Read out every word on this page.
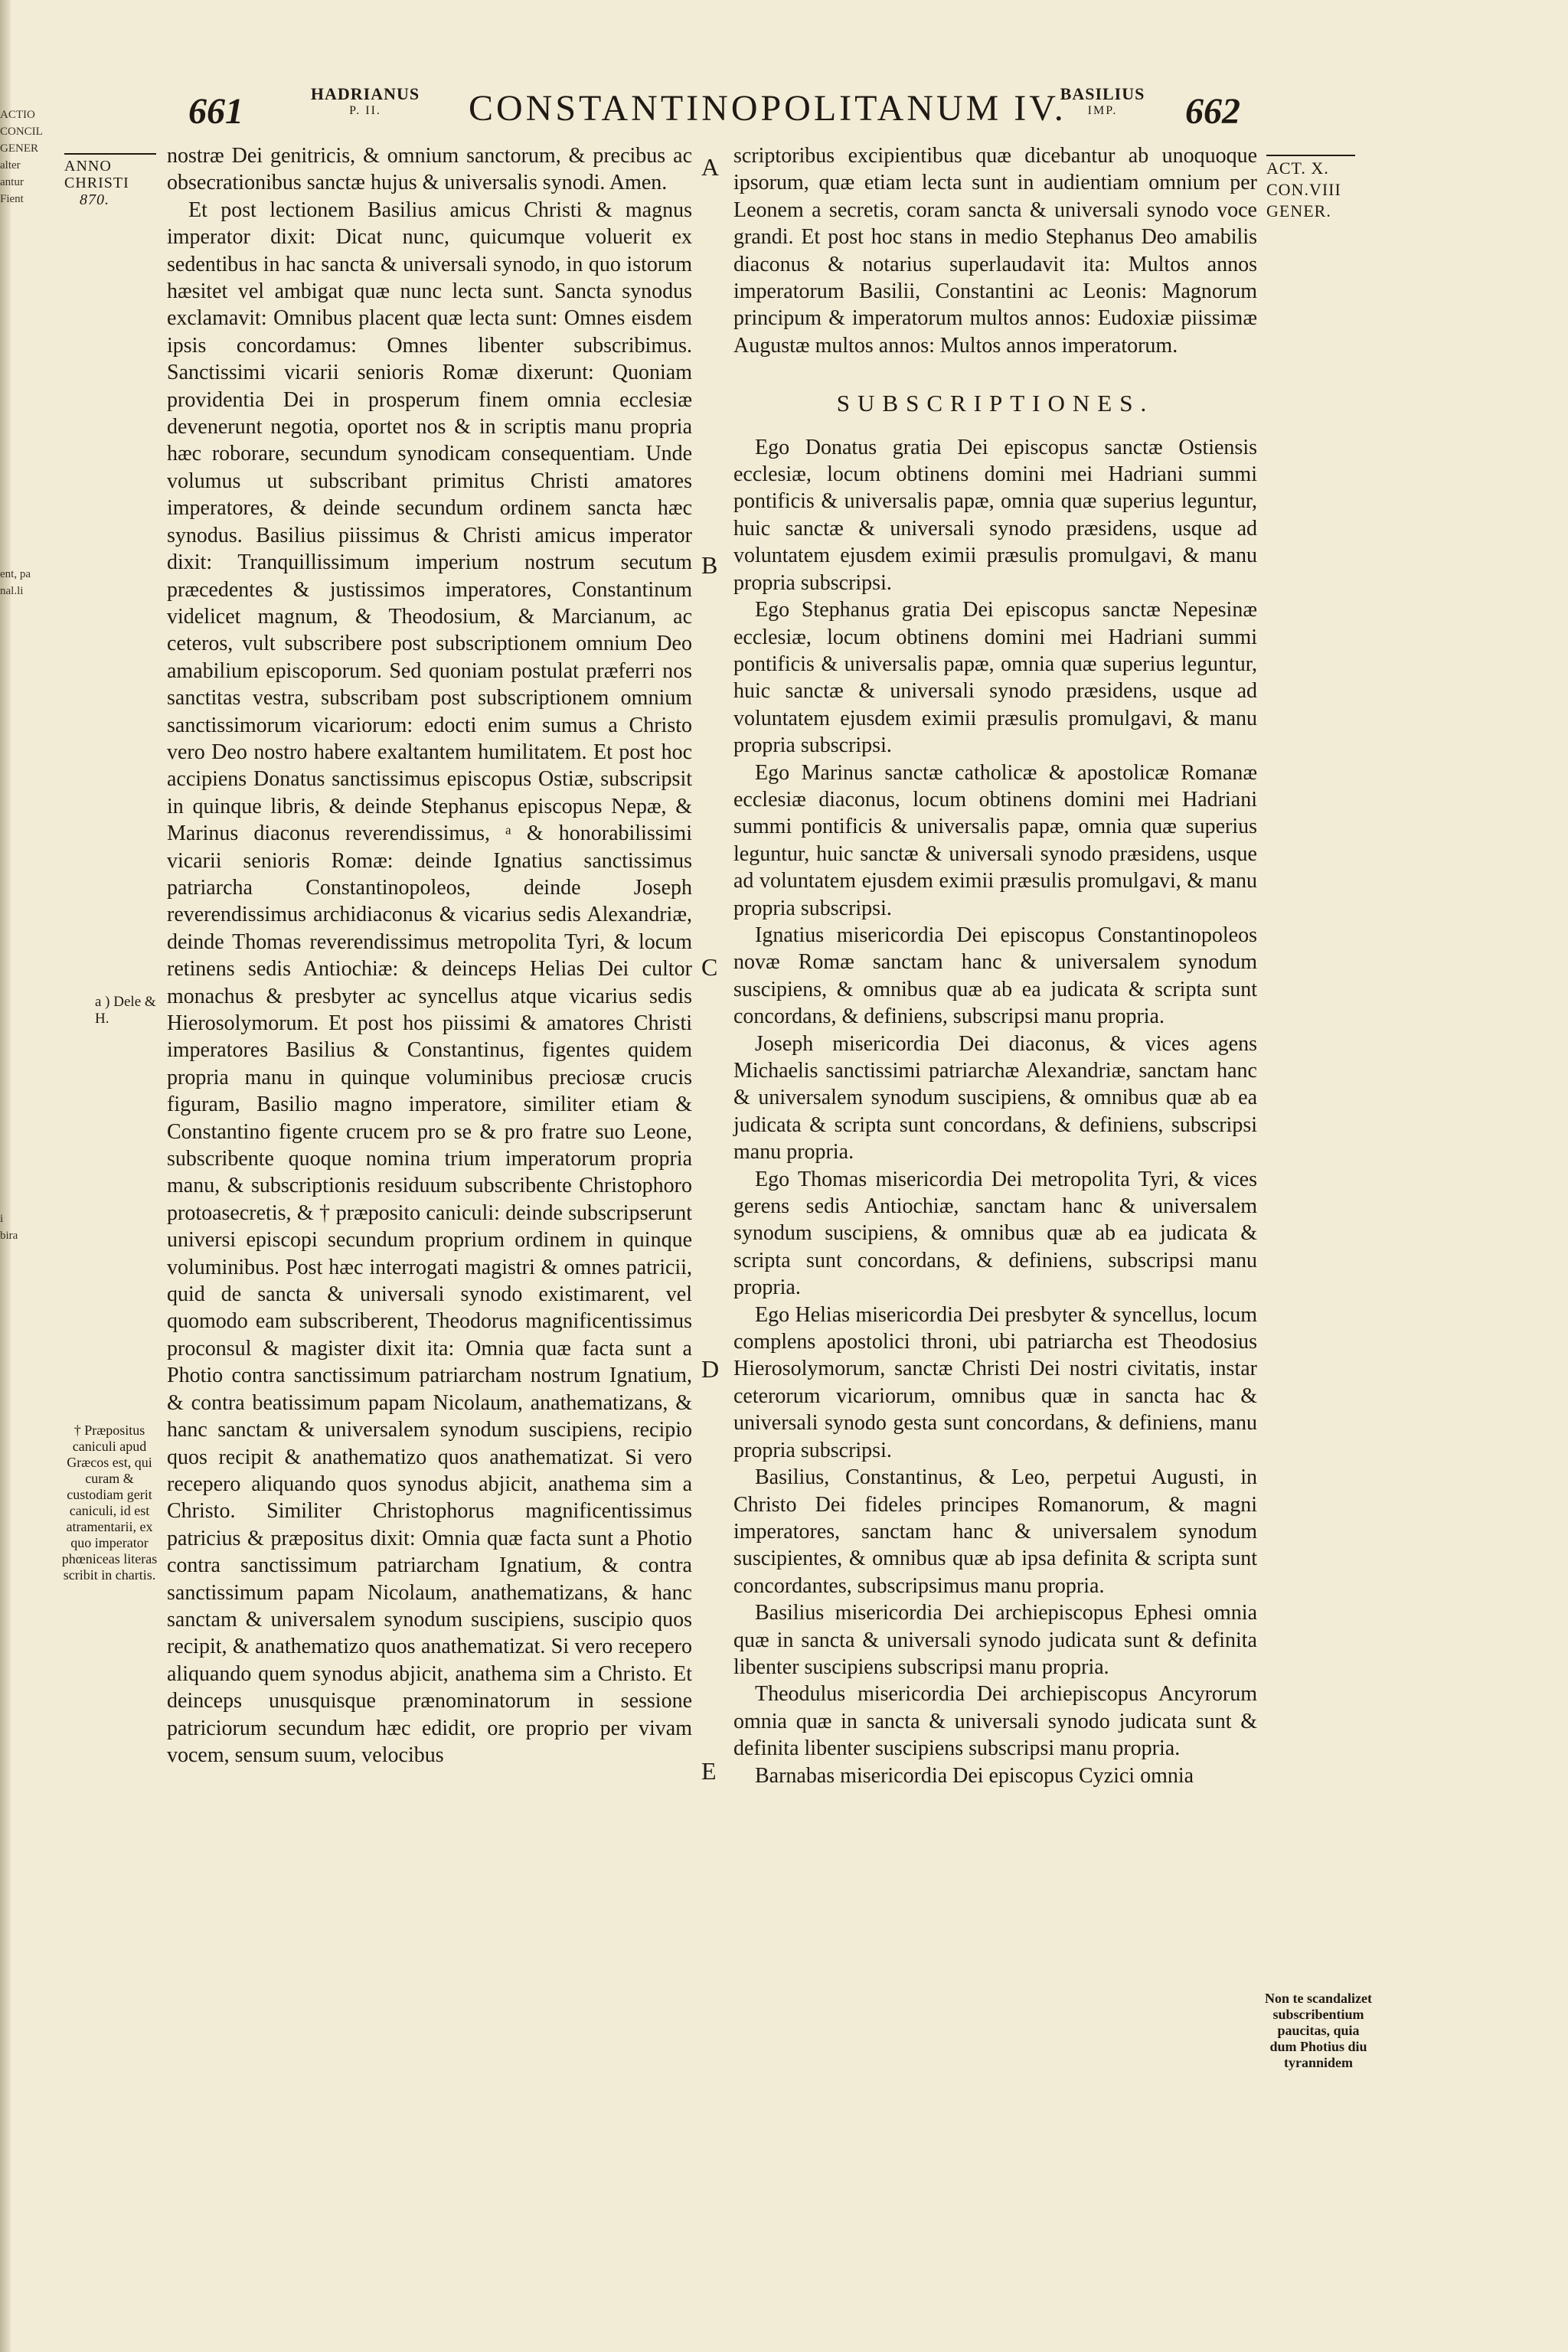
ACTIO
CONCIL
GENER
alter
antur
Fient
ent, pa
nal.li
i
bira
661	HADRIANUS
P. II.	CONSTANTINOPOLITANUM IV.
BASILIUS
IMP.	662
ANNO
CHRISTI
870.
a ) Dele & H.
† Præpositus caniculi apud Græcos est, qui curam & custodiam gerit caniculi, id est atramentarii, ex quo imperator phœniceas literas scribit in chartis.
ACT. X.
CON.VIII
GENER.
Non te scandalizet subscribentium paucitas, quia dum Photius diu tyrannidem
A
B
C
D
E

nostræ Dei genitricis, & omnium sanctorum, & precibus ac obsecrationibus sanctæ hujus & universalis synodi. Amen.

Et post lectionem Basilius amicus Christi & magnus imperator dixit: Dicat nunc, quicumque voluerit ex sedentibus in hac sancta & universali synodo, in quo istorum hæsitet vel ambigat quæ nunc lecta sunt. Sancta synodus exclamavit: Omnibus placent quæ lecta sunt: Omnes eisdem ipsis concordamus: Omnes libenter subscribimus. Sanctissimi vicarii senioris Romæ dixerunt: Quoniam providentia Dei in prosperum finem omnia ecclesiæ devenerunt negotia, oportet nos & in scriptis manu propria hæc roborare, secundum synodicam consequentiam. Unde volumus ut subscribant primitus Christi amatores imperatores, & deinde secundum ordinem sancta hæc synodus. Basilius piissimus & Christi amicus imperator dixit: Tranquillissimum imperium nostrum secutum præcedentes & justissimos imperatores, Constantinum videlicet magnum, & Theodosium, & Marcianum, ac ceteros, vult subscribere post subscriptionem omnium Deo amabilium episcoporum. Sed quoniam postulat præferri nos sanctitas vestra, subscribam post subscriptionem omnium sanctissimorum vicariorum: edocti enim sumus a Christo vero Deo nostro habere exaltantem humilitatem. Et post hoc accipiens Donatus sanctissimus episcopus Ostiæ, subscripsit in quinque libris, & deinde Stephanus episcopus Nepæ, & Marinus diaconus reverendissimus, ᵃ & honorabilissimi vicarii senioris Romæ: deinde Ignatius sanctissimus patriarcha Constantinopoleos, deinde Joseph reverendissimus archidiaconus & vicarius sedis Alexandriæ, deinde Thomas reverendissimus metropolita Tyri, & locum retinens sedis Antiochiæ: & deinceps Helias Dei cultor monachus & presbyter ac syncellus atque vicarius sedis Hierosolymorum. Et post hos piissimi & amatores Christi imperatores Basilius & Constantinus, figentes quidem propria manu in quinque voluminibus preciosæ crucis figuram, Basilio magno imperatore, similiter etiam & Constantino figente crucem pro se & pro fratre suo Leone, subscribente quoque nomina trium imperatorum propria manu, & subscriptionis residuum subscribente Christophoro protoasecretis, & † præposito caniculi: deinde subscripserunt universi episcopi secundum proprium ordinem in quinque voluminibus. Post hæc interrogati magistri & omnes patricii, quid de sancta & universali synodo existimarent, vel quomodo eam subscriberent, Theodorus magnificentissimus proconsul & magister dixit ita: Omnia quæ facta sunt a Photio contra sanctissimum patriarcham nostrum Ignatium, & contra beatissimum papam Nicolaum, anathematizans, & hanc sanctam & universalem synodum suscipiens, recipio quos recipit & anathematizo quos anathematizat. Si vero recepero aliquando quos synodus abjicit, anathema sim a Christo. Similiter Christophorus magnificentissimus patricius & præpositus dixit: Omnia quæ facta sunt a Photio contra sanctissimum patriarcham Ignatium, & contra sanctissimum papam Nicolaum, anathematizans, & hanc sanctam & universalem synodum suscipiens, suscipio quos recipit, & anathematizo quos anathematizat. Si vero recepero aliquando quem synodus abjicit, anathema sim a Christo. Et deinceps unusquisque prænominatorum in sessione patriciorum secundum hæc edidit, ore proprio per vivam vocem, sensum suum, velocibus

scriptoribus excipientibus quæ dicebantur ab unoquoque ipsorum, quæ etiam lecta sunt in audientiam omnium per Leonem a secretis, coram sancta & universali synodo voce grandi. Et post hoc stans in medio Stephanus Deo amabilis diaconus & notarius superlaudavit ita: Multos annos imperatorum Basilii, Constantini ac Leonis: Magnorum principum & imperatorum multos annos: Eudoxiæ piissimæ Augustæ multos annos: Multos annos imperatorum.

SUBSCRIPTIONES.

Ego Donatus gratia Dei episcopus sanctæ Ostiensis ecclesiæ, locum obtinens domini mei Hadriani summi pontificis & universalis papæ, omnia quæ superius leguntur, huic sanctæ & universali synodo præsidens, usque ad voluntatem ejusdem eximii præsulis promulgavi, & manu propria subscripsi.

Ego Stephanus gratia Dei episcopus sanctæ Nepesinæ ecclesiæ, locum obtinens domini mei Hadriani summi pontificis & universalis papæ, omnia quæ superius leguntur, huic sanctæ & universali synodo præsidens, usque ad voluntatem ejusdem eximii præsulis promulgavi, & manu propria subscripsi.

Ego Marinus sanctæ catholicæ & apostolicæ Romanæ ecclesiæ diaconus, locum obtinens domini mei Hadriani summi pontificis & universalis papæ, omnia quæ superius leguntur, huic sanctæ & universali synodo præsidens, usque ad voluntatem ejusdem eximii præsulis promulgavi, & manu propria subscripsi.

Ignatius misericordia Dei episcopus Constantinopoleos novæ Romæ sanctam hanc & universalem synodum suscipiens, & omnibus quæ ab ea judicata & scripta sunt concordans, & definiens, subscripsi manu propria.

Joseph misericordia Dei diaconus, & vices agens Michaelis sanctissimi patriarchæ Alexandriæ, sanctam hanc & universalem synodum suscipiens, & omnibus quæ ab ea judicata & scripta sunt concordans, & definiens, subscripsi manu propria.

Ego Thomas misericordia Dei metropolita Tyri, & vices gerens sedis Antiochiæ, sanctam hanc & universalem synodum suscipiens, & omnibus quæ ab ea judicata & scripta sunt concordans, & definiens, subscripsi manu propria.

Ego Helias misericordia Dei presbyter & syncellus, locum complens apostolici throni, ubi patriarcha est Theodosius Hierosolymorum, sanctæ Christi Dei nostri civitatis, instar ceterorum vicariorum, omnibus quæ in sancta hac & universali synodo gesta sunt concordans, & definiens, manu propria subscripsi.

Basilius, Constantinus, & Leo, perpetui Augusti, in Christo Dei fideles principes Romanorum, & magni imperatores, sanctam hanc & universalem synodum suscipientes, & omnibus quæ ab ipsa definita & scripta sunt concordantes, subscripsimus manu propria.

Basilius misericordia Dei archiepiscopus Ephesi omnia quæ in sancta & universali synodo judicata sunt & definita libenter suscipiens subscripsi manu propria.

Theodulus misericordia Dei archiepiscopus Ancyrorum omnia quæ in sancta & universali synodo judicata sunt & definita libenter suscipiens subscripsi manu propria.

Barnabas misericordia Dei episcopus Cyzici omnia
